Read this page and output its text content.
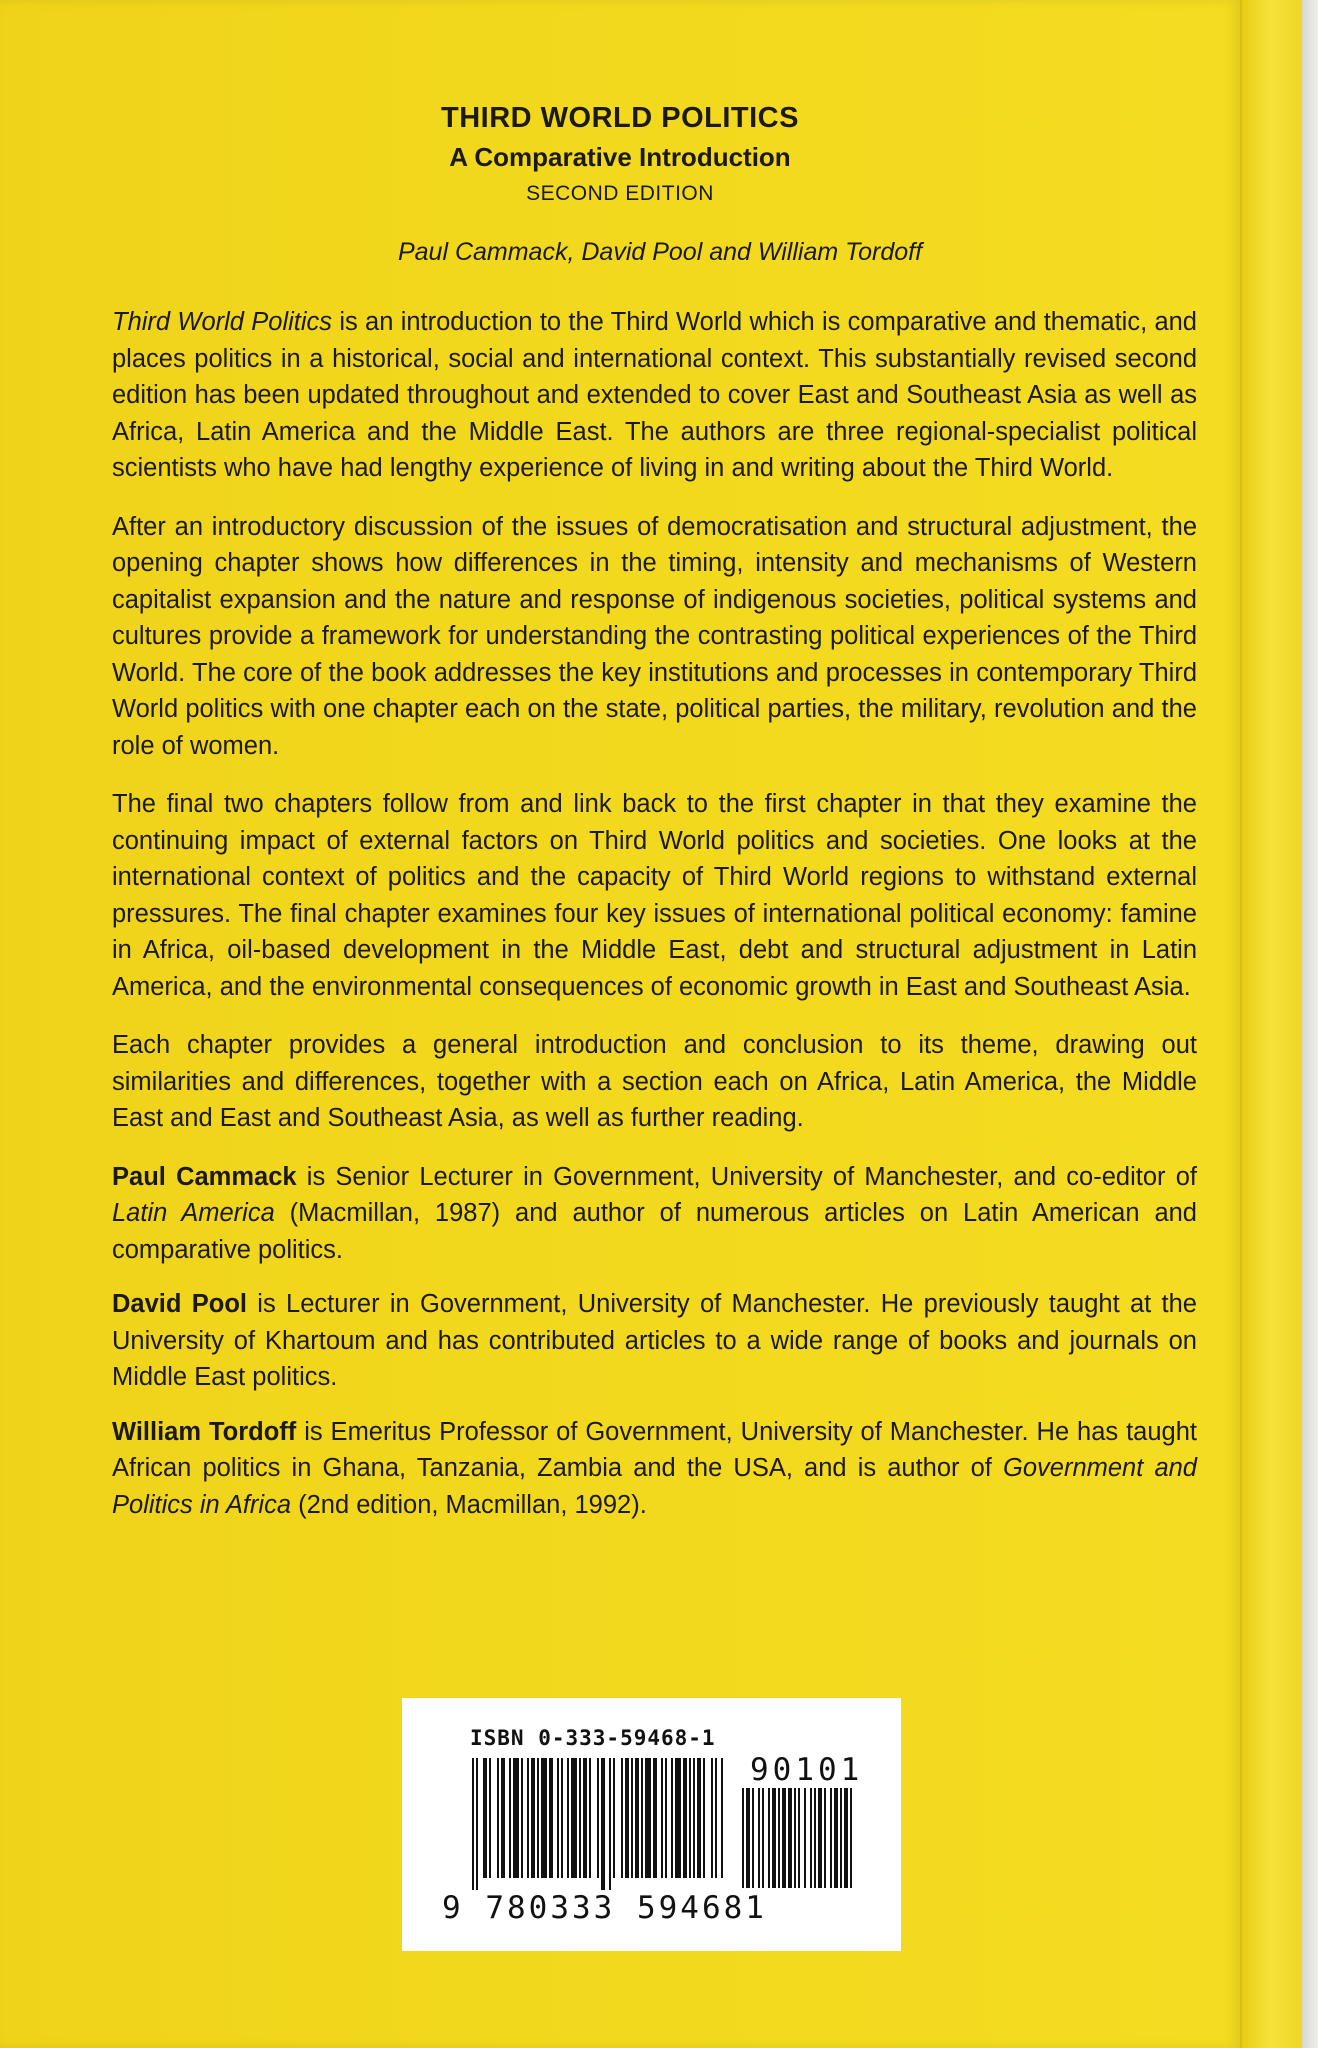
THIRD WORLD POLITICS
A Comparative Introduction
SECOND EDITION
Paul Cammack, David Pool and William Tordoff

Third World Politics is an introduction to the Third World which is comparative and thematic, and places politics in a historical, social and international context. This substantially revised second edition has been updated throughout and extended to cover East and Southeast Asia as well as Africa, Latin America and the Middle East. The authors are three regional-specialist political scientists who have had lengthy experience of living in and writing about the Third World.

After an introductory discussion of the issues of democratisation and structural adjustment, the opening chapter shows how differences in the timing, intensity and mechanisms of Western capitalist expansion and the nature and response of indigenous societies, political systems and cultures provide a framework for understanding the contrasting political experiences of the Third World. The core of the book addresses the key institutions and processes in contemporary Third World politics with one chapter each on the state, political parties, the military, revolution and the role of women.

The final two chapters follow from and link back to the first chapter in that they examine the continuing impact of external factors on Third World politics and societies. One looks at the international context of politics and the capacity of Third World regions to withstand external pressures. The final chapter examines four key issues of international political economy: famine in Africa, oil-based development in the Middle East, debt and structural adjustment in Latin America, and the environmental consequences of economic growth in East and Southeast Asia.

Each chapter provides a general introduction and conclusion to its theme, drawing out similarities and differences, together with a section each on Africa, Latin America, the Middle East and East and Southeast Asia, as well as further reading.

Paul Cammack is Senior Lecturer in Government, University of Manchester, and co-editor of Latin America (Macmillan, 1987) and author of numerous articles on Latin American and comparative politics.

David Pool is Lecturer in Government, University of Manchester. He previously taught at the University of Khartoum and has contributed articles to a wide range of books and journals on Middle East politics.

William Tordoff is Emeritus Professor of Government, University of Manchester. He has taught African politics in Ghana, Tanzania, Zambia and the USA, and is author of Government and Politics in Africa (2nd edition, Macmillan, 1992).

ISBN 0-333-59468-1
90101
9 780333 594681
